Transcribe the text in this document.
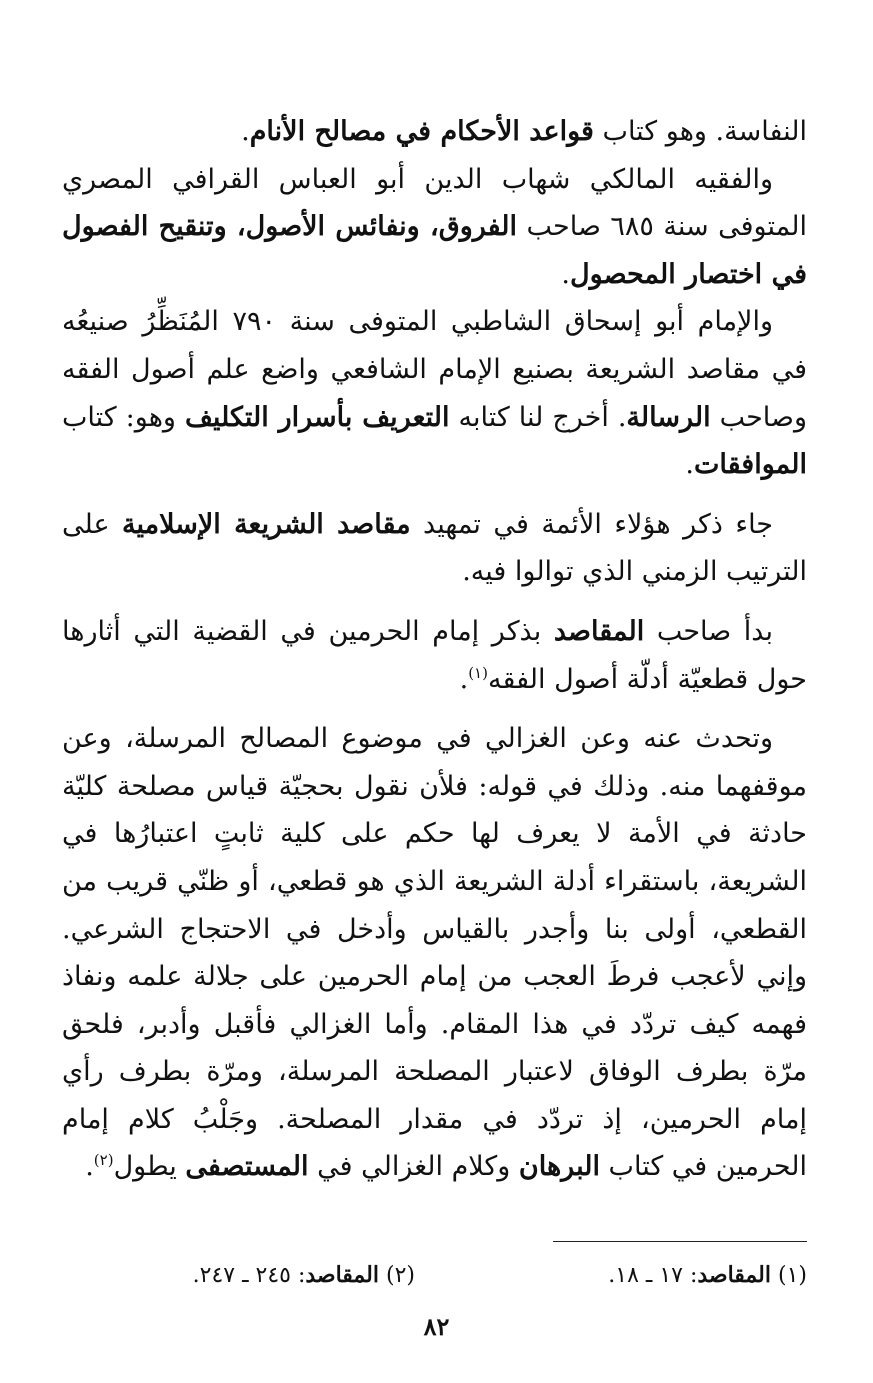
النفاسة. وهو كتاب قواعد الأحكام في مصالح الأنام.

والفقيه المالكي شهاب الدين أبو العباس القرافي المصري المتوفى سنة ٦٨٥ صاحب الفروق، ونفائس الأصول، وتنقيح الفصول في اختصار المحصول.

والإمام أبو إسحاق الشاطبي المتوفى سنة ٧٩٠ المُنَظِّرُ صنيعُه في مقاصد الشريعة بصنيع الإمام الشافعي واضع علم أصول الفقه وصاحب الرسالة. أخرج لنا كتابه التعريف بأسرار التكليف وهو: كتاب الموافقات.

جاء ذكر هؤلاء الأئمة في تمهيد مقاصد الشريعة الإسلامية على الترتيب الزمني الذي توالوا فيه.

بدأ صاحب المقاصد بذكر إمام الحرمين في القضية التي أثارها حول قطعيّة أدلّة أصول الفقه$^{(١)}$.

وتحدث عنه وعن الغزالي في موضوع المصالح المرسلة، وعن موقفهما منه. وذلك في قوله: فلأن نقول بحجيّة قياس مصلحة كليّة حادثة في الأمة لا يعرف لها حكم على كلية ثابتٍ اعتبارُها في الشريعة، باستقراء أدلة الشريعة الذي هو قطعي، أو ظنّي قريب من القطعي، أولى بنا وأجدر بالقياس وأدخل في الاحتجاج الشرعي. وإني لأعجب فرطَ العجب من إمام الحرمين على جلالة علمه ونفاذ فهمه كيف تردّد في هذا المقام. وأما الغزالي فأقبل وأدبر، فلحق مرّة بطرف الوفاق لاعتبار المصلحة المرسلة، ومرّة بطرف رأي إمام الحرمين، إذ تردّد في مقدار المصلحة. وجَلْبُ كلام إمام الحرمين في كتاب البرهان وكلام الغزالي في المستصفى يطول$^{(٢)}$.

(١) المقاصد: ١٧ ـ ١٨.
(٢) المقاصد: ٢٤٥ ـ ٢٤٧.
٨٢
